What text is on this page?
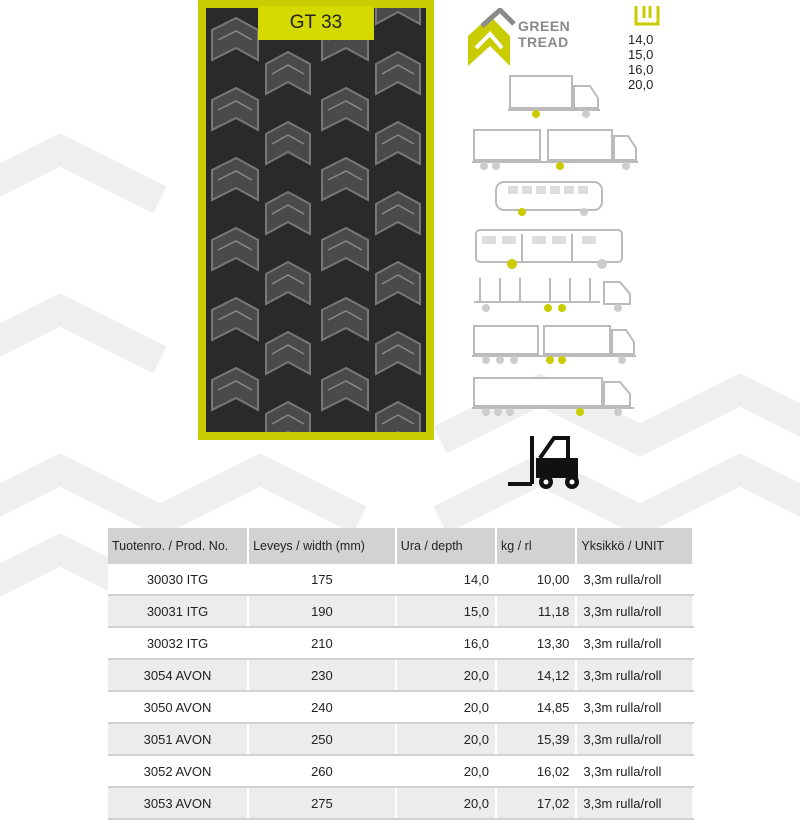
GT 33	GREEN
TREAD	14,0
15,0
16,0
20,0
Tuotenro. / Prod. No.	Leveys / width (mm)	Ura / depth	kg / rl	Yksikkö / UNIT
30030 ITG	175	14,0	10,00	3,3m rulla/roll
30031 ITG	190	15,0	11,18	3,3m rulla/roll
30032 ITG	210	16,0	13,30	3,3m rulla/roll
3054 AVON	230	20,0	14,12	3,3m rulla/roll
3050 AVON	240	20,0	14,85	3,3m rulla/roll
3051 AVON	250	20,0	15,39	3,3m rulla/roll
3052 AVON	260	20,0	16,02	3,3m rulla/roll
3053 AVON	275	20,0	17,02	3,3m rulla/roll
